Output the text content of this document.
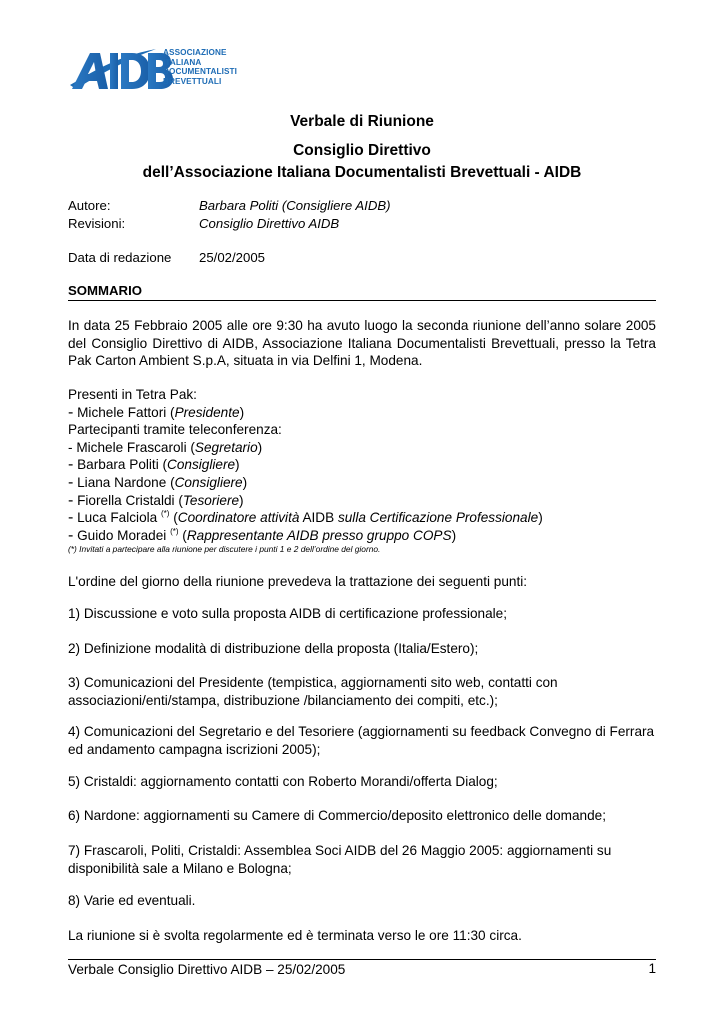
ASSOCIAZIONE
ITALIANA
DOCUMENTALISTI
BREVETTUALI
Verbale di Riunione
Consiglio Direttivo
dell’Associazione Italiana Documentalisti Brevettuali - AIDB
Autore:	Barbara Politi (Consigliere AIDB)
Revisioni:	Consiglio Direttivo AIDB
Data di redazione 25/02/2005
SOMMARIO
In data 25 Febbraio 2005 alle ore 9:30 ha avuto luogo la seconda riunione dell’anno solare 2005 del Consiglio Direttivo di AIDB, Associazione Italiana Documentalisti Brevettuali, presso la Tetra Pak Carton Ambient S.p.A, situata in via Delfini 1, Modena.
Presenti in Tetra Pak:
- Michele Fattori (Presidente)
Partecipanti tramite teleconferenza:
- Michele Frascaroli (Segretario)
- Barbara Politi (Consigliere)
- Liana Nardone (Consigliere)
- Fiorella Cristaldi (Tesoriere)
- Luca Falciola (*) (Coordinatore attività AIDB sulla Certificazione Professionale)
- Guido Moradei (*) (Rappresentante AIDB presso gruppo COPS)
(*) Invitati a partecipare alla riunione per discutere i punti 1 e 2 dell’ordine del giorno.
L'ordine del giorno della riunione prevedeva la trattazione dei seguenti punti:
1) Discussione e voto sulla proposta AIDB di certificazione professionale;
2) Definizione modalità di distribuzione della proposta (Italia/Estero);
3) Comunicazioni del Presidente (tempistica, aggiornamenti sito web, contatti con associazioni/enti/stampa, distribuzione /bilanciamento dei compiti, etc.);
4) Comunicazioni del Segretario e del Tesoriere (aggiornamenti su feedback Convegno di Ferrara ed andamento campagna iscrizioni 2005);
5) Cristaldi: aggiornamento contatti con Roberto Morandi/offerta Dialog;
6) Nardone: aggiornamenti su Camere di Commercio/deposito elettronico delle domande;
7) Frascaroli, Politi, Cristaldi: Assemblea Soci AIDB del 26 Maggio 2005: aggiornamenti su disponibilità sale a Milano e Bologna;
8) Varie ed eventuali.
La riunione si è svolta regolarmente ed è terminata verso le ore 11:30 circa.
Verbale Consiglio Direttivo AIDB – 25/02/2005	1
